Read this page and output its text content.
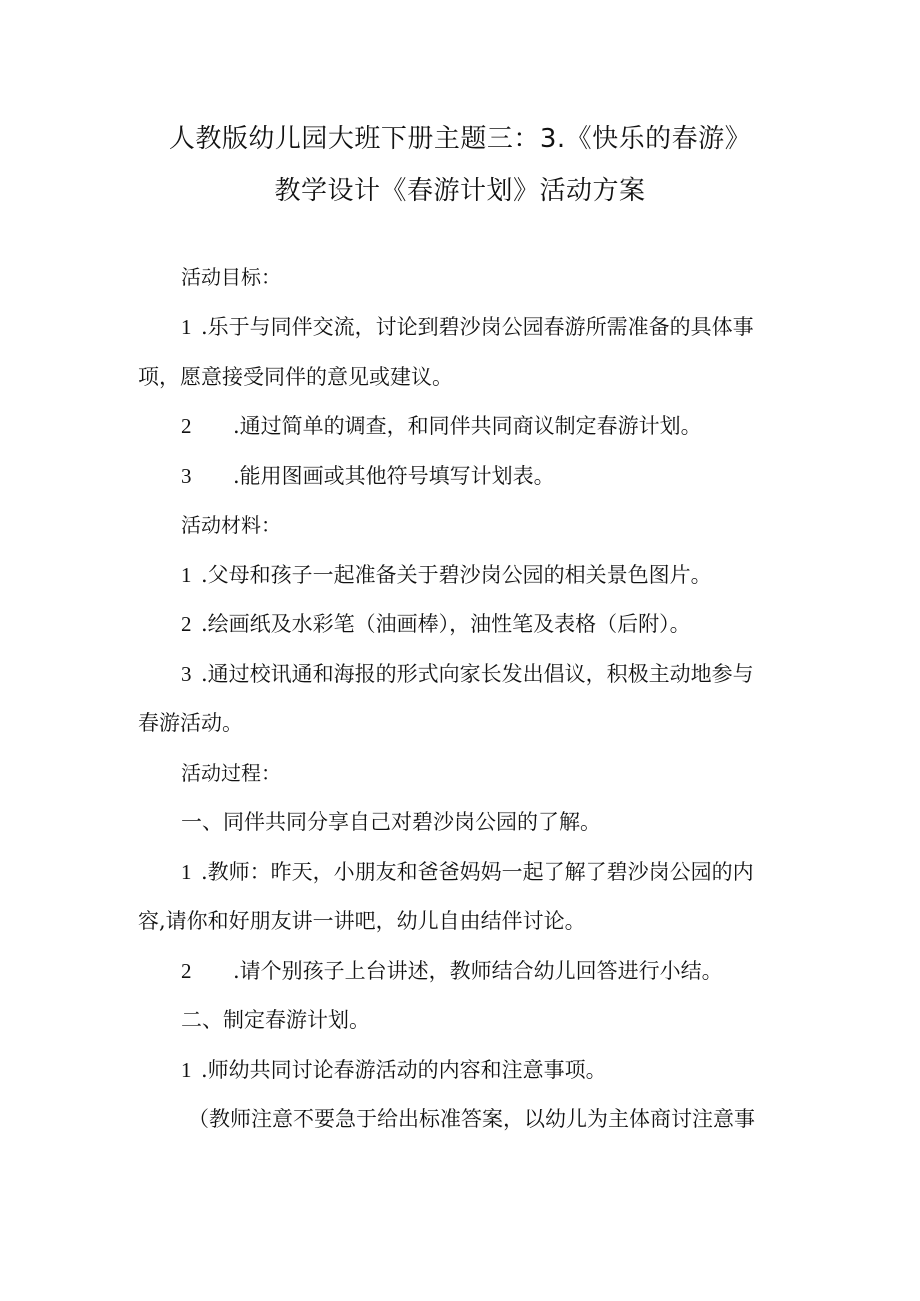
人教版幼儿园大班下册主题三：3.《快乐的春游》
教学设计《春游计划》活动方案
活动目标：
1 .乐于与同伴交流，讨论到碧沙岗公园春游所需准备的具体事
项，愿意接受同伴的意见或建议。
2 .通过简单的调查，和同伴共同商议制定春游计划。
3 .能用图画或其他符号填写计划表。
活动材料：
1 .父母和孩子一起准备关于碧沙岗公园的相关景色图片。
2 .绘画纸及水彩笔（油画棒），油性笔及表格（后附）。
3 .通过校讯通和海报的形式向家长发出倡议，积极主动地参与
春游活动。
活动过程：
一、同伴共同分享自己对碧沙岗公园的了解。
1 .教师：昨天，小朋友和爸爸妈妈一起了解了碧沙岗公园的内
容,请你和好朋友讲一讲吧，幼儿自由结伴讨论。
2 .请个别孩子上台讲述，教师结合幼儿回答进行小结。
二、制定春游计划。
1 .师幼共同讨论春游活动的内容和注意事项。
（教师注意不要急于给出标准答案，以幼儿为主体商讨注意事
